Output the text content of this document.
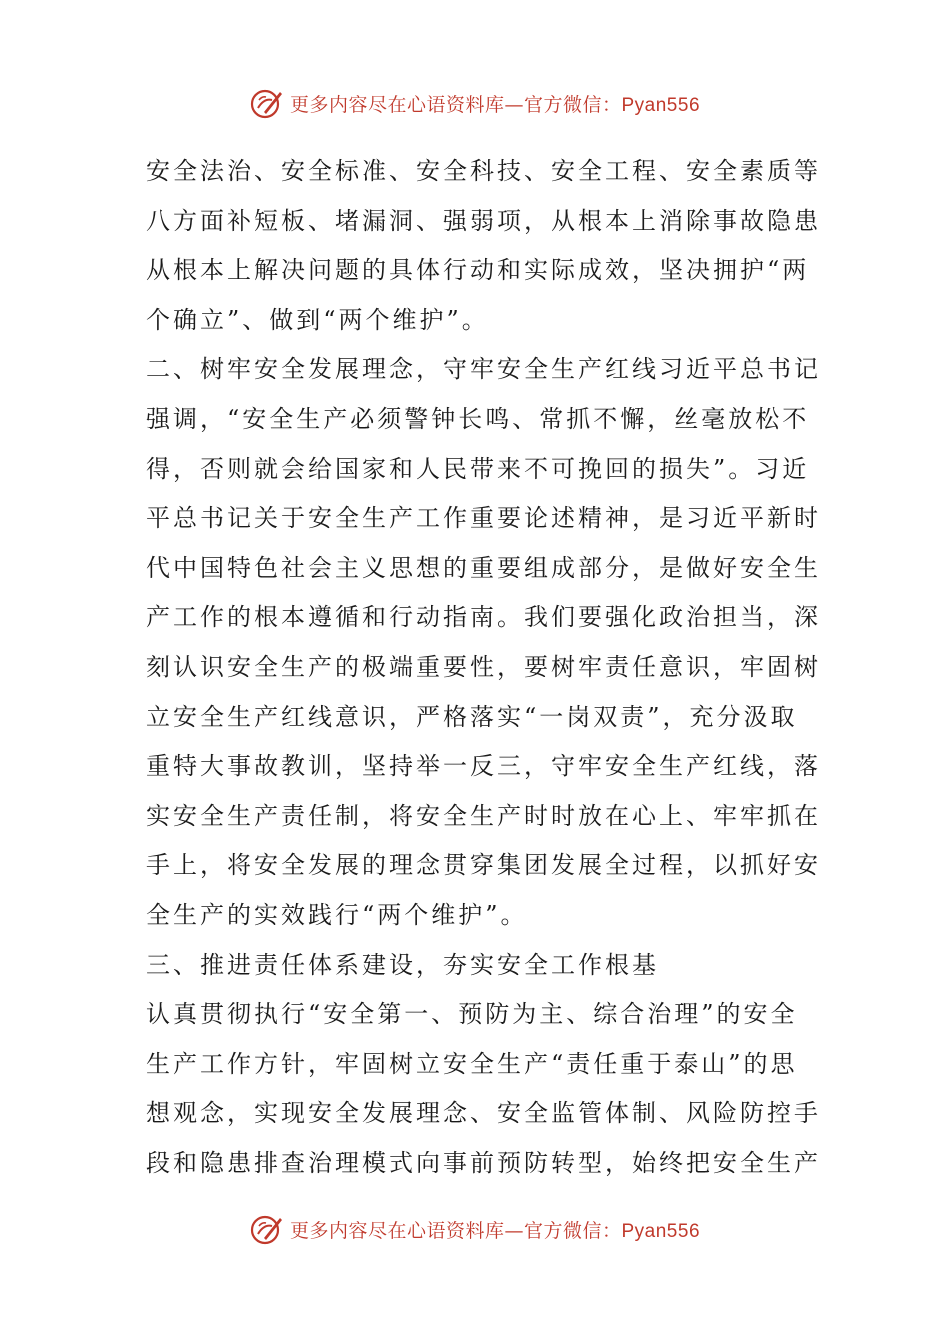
更多内容尽在心语资料库—官方微信：Pyan556
安全法治、安全标准、安全科技、安全工程、安全素质等
八方面补短板、堵漏洞、强弱项，从根本上消除事故隐患
从根本上解决问题的具体行动和实际成效，坚决拥护“两
个确立”、做到“两个维护”。
二、树牢安全发展理念，守牢安全生产红线习近平总书记
强调，“安全生产必须警钟长鸣、常抓不懈，丝毫放松不
得，否则就会给国家和人民带来不可挽回的损失”。习近
平总书记关于安全生产工作重要论述精神，是习近平新时
代中国特色社会主义思想的重要组成部分，是做好安全生
产工作的根本遵循和行动指南。我们要强化政治担当，深
刻认识安全生产的极端重要性，要树牢责任意识，牢固树
立安全生产红线意识，严格落实“一岗双责”，充分汲取
重特大事故教训，坚持举一反三，守牢安全生产红线，落
实安全生产责任制，将安全生产时时放在心上、牢牢抓在
手上，将安全发展的理念贯穿集团发展全过程，以抓好安
全生产的实效践行“两个维护”。
三、推进责任体系建设，夯实安全工作根基
认真贯彻执行“安全第一、预防为主、综合治理”的安全
生产工作方针，牢固树立安全生产“责任重于泰山”的思
想观念，实现安全发展理念、安全监管体制、风险防控手
段和隐患排查治理模式向事前预防转型，始终把安全生产
更多内容尽在心语资料库—官方微信：Pyan556
